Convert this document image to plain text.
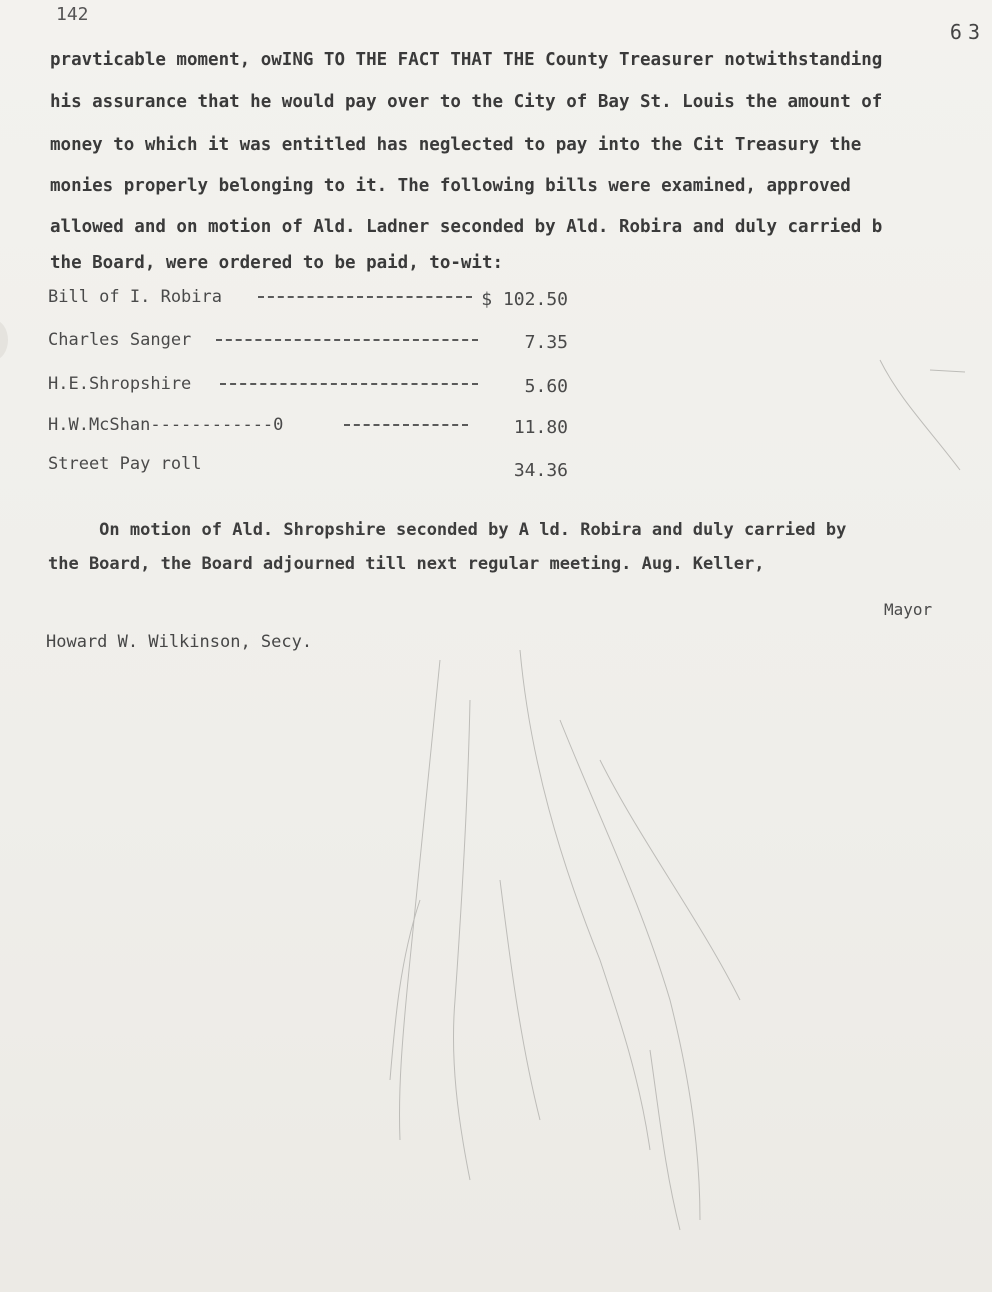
142
63
pravticable moment, owING TO THE FACT THAT THE County Treasurer notwithstanding
his assurance that he would pay over to the City of Bay St. Louis the amount of
money to which it was entitled has neglected to pay into the Cit Treasury the
monies properly belonging to it. The following bills were examined, approved
allowed and on motion of Ald. Ladner seconded by Ald. Robira and duly carried b
the Board, were ordered to be paid, to-wit:
Bill of I. Robira	$ 102.50
Charles Sanger	7.35
H.E.Shropshire	5.60
H.W.McShan------------0	11.80
Street Pay roll	34.36
On motion of Ald. Shropshire seconded by A ld. Robira and duly carried by
the Board, the Board adjourned till next regular meeting. Aug. Keller,
Mayor
Howard W. Wilkinson, Secy.
